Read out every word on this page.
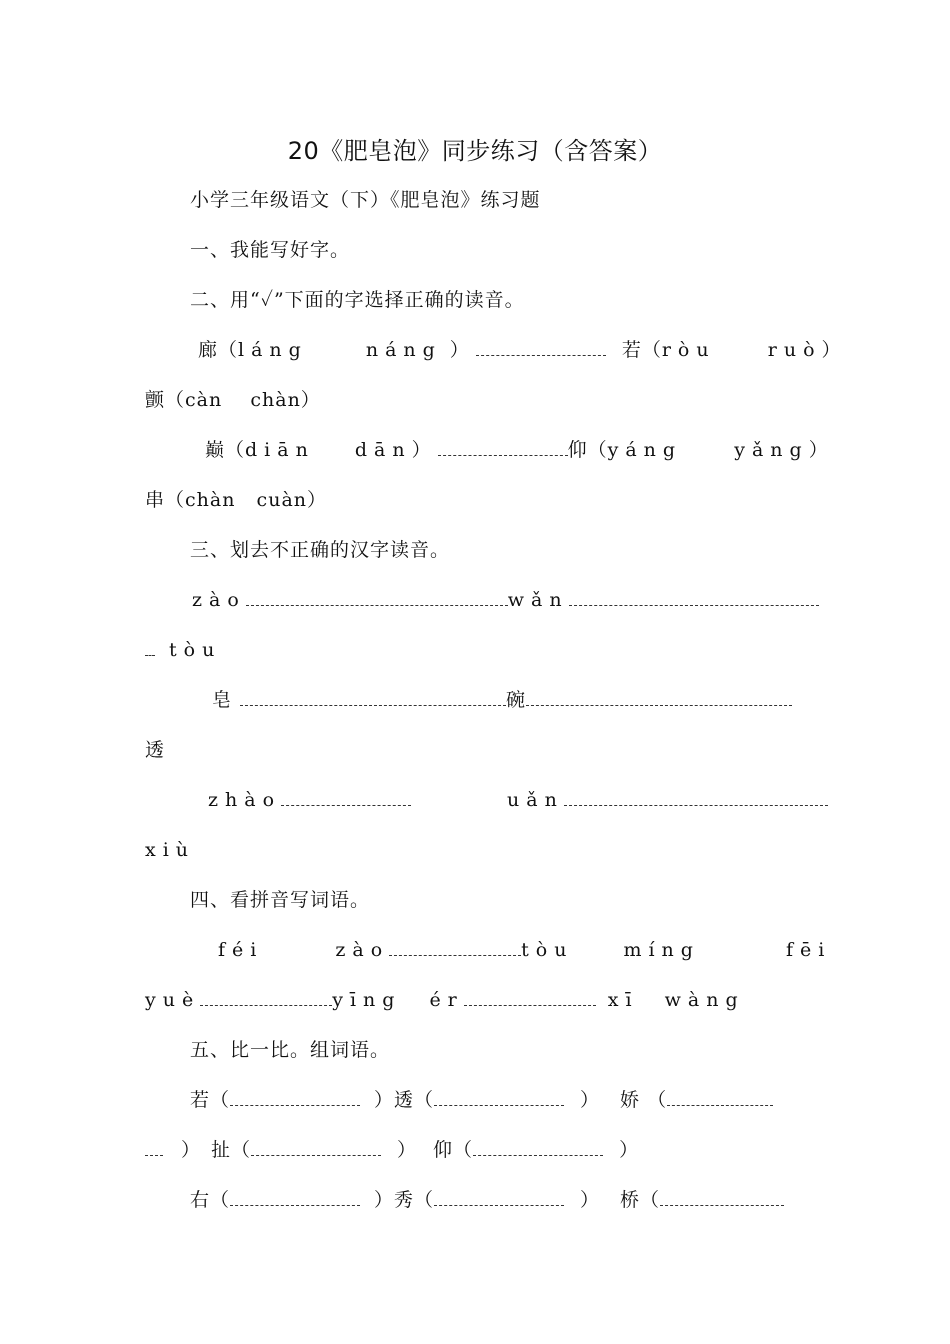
20《肥皂泡》同步练习（含答案）
小学三年级语文（下）《肥皂泡》练习题
一、我能写好字。
二、用“✓”下面的字选择正确的读音。
廊（láng	náng ）	若（ròu    ruò）
颤（càn    chàn）
巅（diān dān）	仰（yáng    yǎng）
串（chàn   cuàn）
三、划去不正确的汉字读音。
zào	wǎn
tòu
皂	碗
透
zhào	uǎn
xiù
四、看拼音写词语。
féi	zào	tòu	míng	fēi
yuè	yīng ér	xī  wàng
五、比一比。组词语。
若（	）透（	） 娇 （
） 扯（	） 仰（	）
右（	）秀（	） 桥（
